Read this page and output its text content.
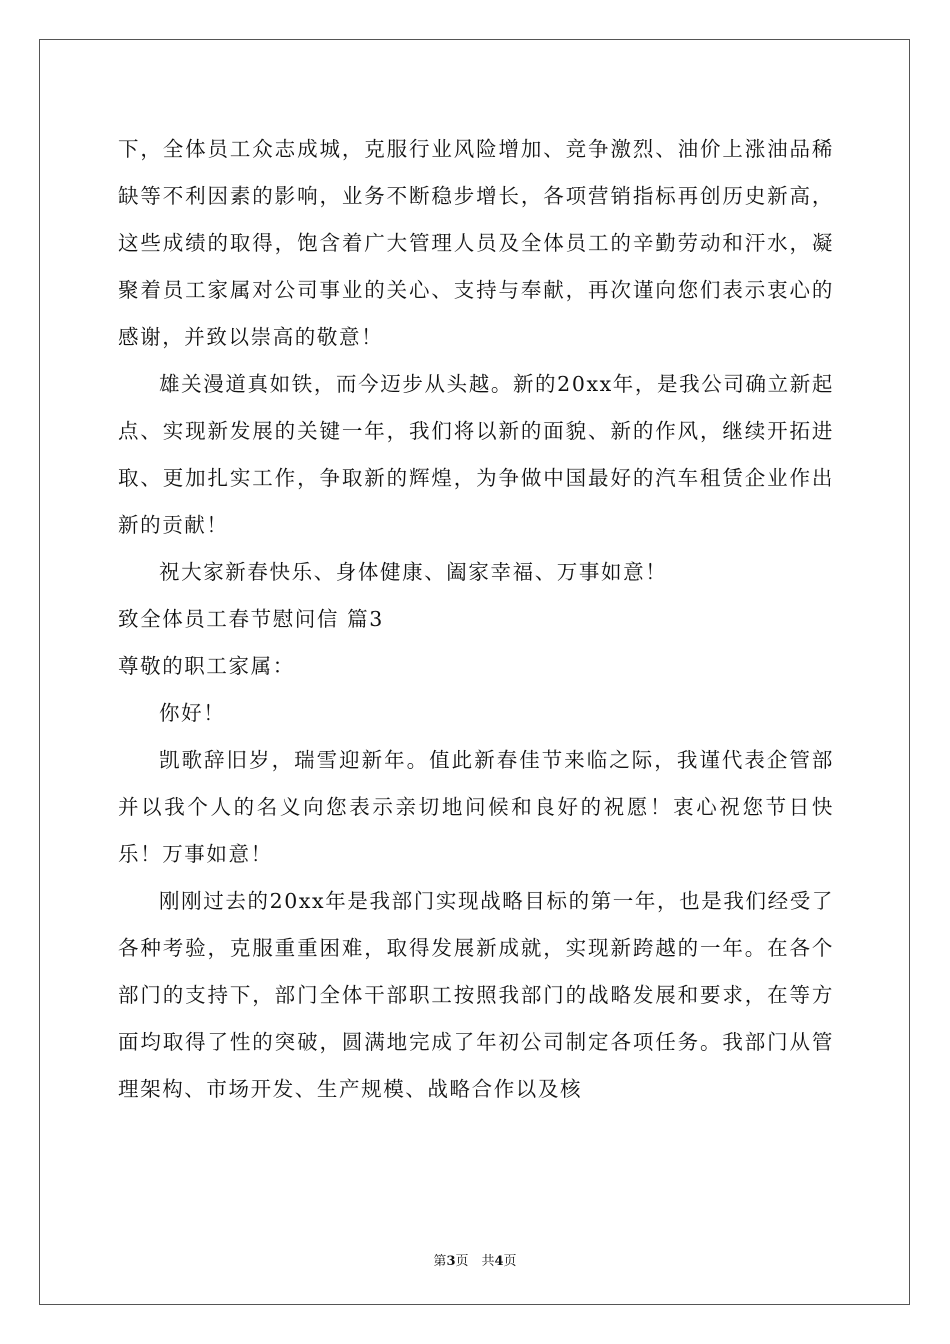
下，全体员工众志成城，克服行业风险增加、竞争激烈、油价上涨油品稀缺等不利因素的影响，业务不断稳步增长，各项营销指标再创历史新高，这些成绩的取得，饱含着广大管理人员及全体员工的辛勤劳动和汗水，凝聚着员工家属对公司事业的关心、支持与奉献，再次谨向您们表示衷心的感谢，并致以崇高的敬意！

雄关漫道真如铁，而今迈步从头越。新的20xx年，是我公司确立新起点、实现新发展的关键一年，我们将以新的面貌、新的作风，继续开拓进取、更加扎实工作，争取新的辉煌，为争做中国最好的汽车租赁企业作出新的贡献！

祝大家新春快乐、身体健康、阖家幸福、万事如意！

致全体员工春节慰问信 篇3

尊敬的职工家属：

你好！

凯歌辞旧岁，瑞雪迎新年。值此新春佳节来临之际，我谨代表企管部并以我个人的名义向您表示亲切地问候和良好的祝愿！衷心祝您节日快乐！万事如意！

刚刚过去的20xx年是我部门实现战略目标的第一年，也是我们经受了各种考验，克服重重困难，取得发展新成就，实现新跨越的一年。在各个部门的支持下，部门全体干部职工按照我部门的战略发展和要求，在等方面均取得了性的突破，圆满地完成了年初公司制定各项任务。我部门从管理架构、市场开发、生产规模、战略合作以及核

第3页　共4页
